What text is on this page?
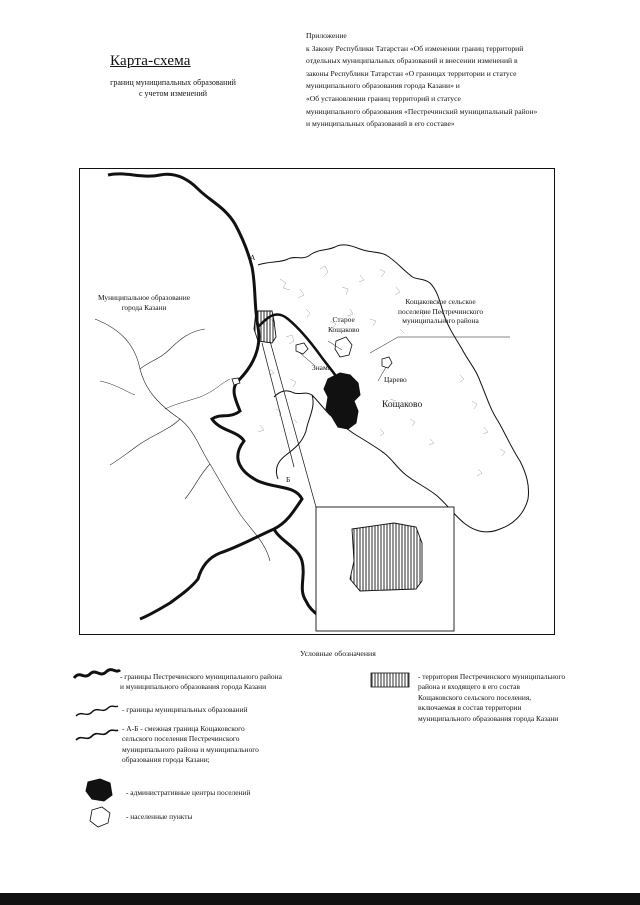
Карта-схема
границ муниципальных образований
с учетом изменений
Приложение
к Закону Республики Татарстан «Об изменении границ территорий
отдельных муниципальных образований и внесении изменений в
законы Республики Татарстан «О границах территории и статусе
муниципального образования города Казани» и
«Об установлении границ территорий и статусе
муниципального образования «Пестречинский муниципальный район»
и муниципальных образований в его составе»
Муниципальное образование
города Казани
Кощаковское сельское
поселение Пестречинского
муниципального района
А
Б
Старое
Кощаково
Знамя
Царево
Кощаково
Условные обозначения
- границы Пестречинского муниципального района
и муниципального образования города Казани
- границы муниципальных образований
- А-Б - смежная граница Кощаковского
сельского поселения Пестречинского
муниципального района и муниципального
образования города Казани;
- территория Пестречинского муниципального
района и входящего в его состав
Кощаковского сельского поселения,
включаемая в состав территории
муниципального образования города Казани
- административные центры поселений
- населенные пункты
